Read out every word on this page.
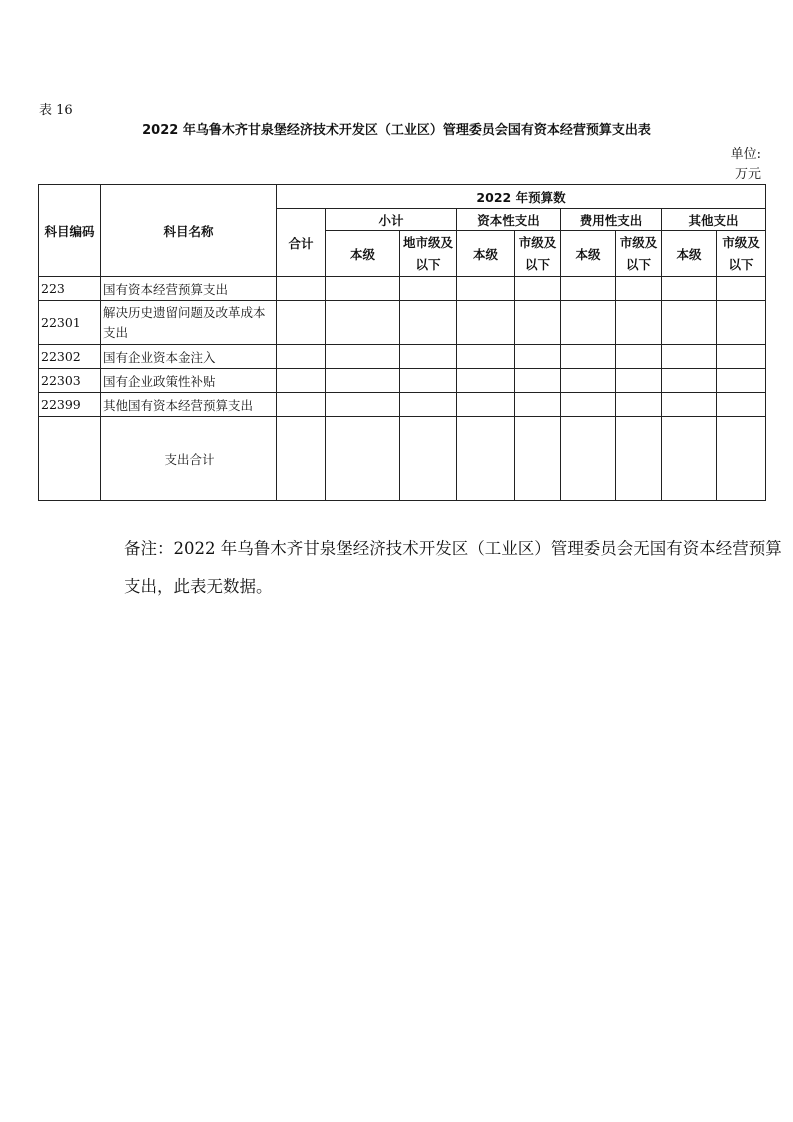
表 16
2022 年乌鲁木齐甘泉堡经济技术开发区（工业区）管理委员会国有资本经营预算支出表
单位:
万元
科目编码	科目名称	2022 年预算数								
		合计	小计		资本性支出		费用性支出		其他支出	
			本级	地市级及以下	本级	市级及以下	本级	市级及以下	本级	市级及以下
223	国有资本经营预算支出									
22301	解决历史遗留问题及改革成本支出									
22302	国有企业资本金注入									
22303	国有企业政策性补贴									
22399	其他国有资本经营预算支出									
	支出合计									
备注：2022 年乌鲁木齐甘泉堡经济技术开发区（工业区）管理委员会无国有资本经营预算支出，此表无数据。
